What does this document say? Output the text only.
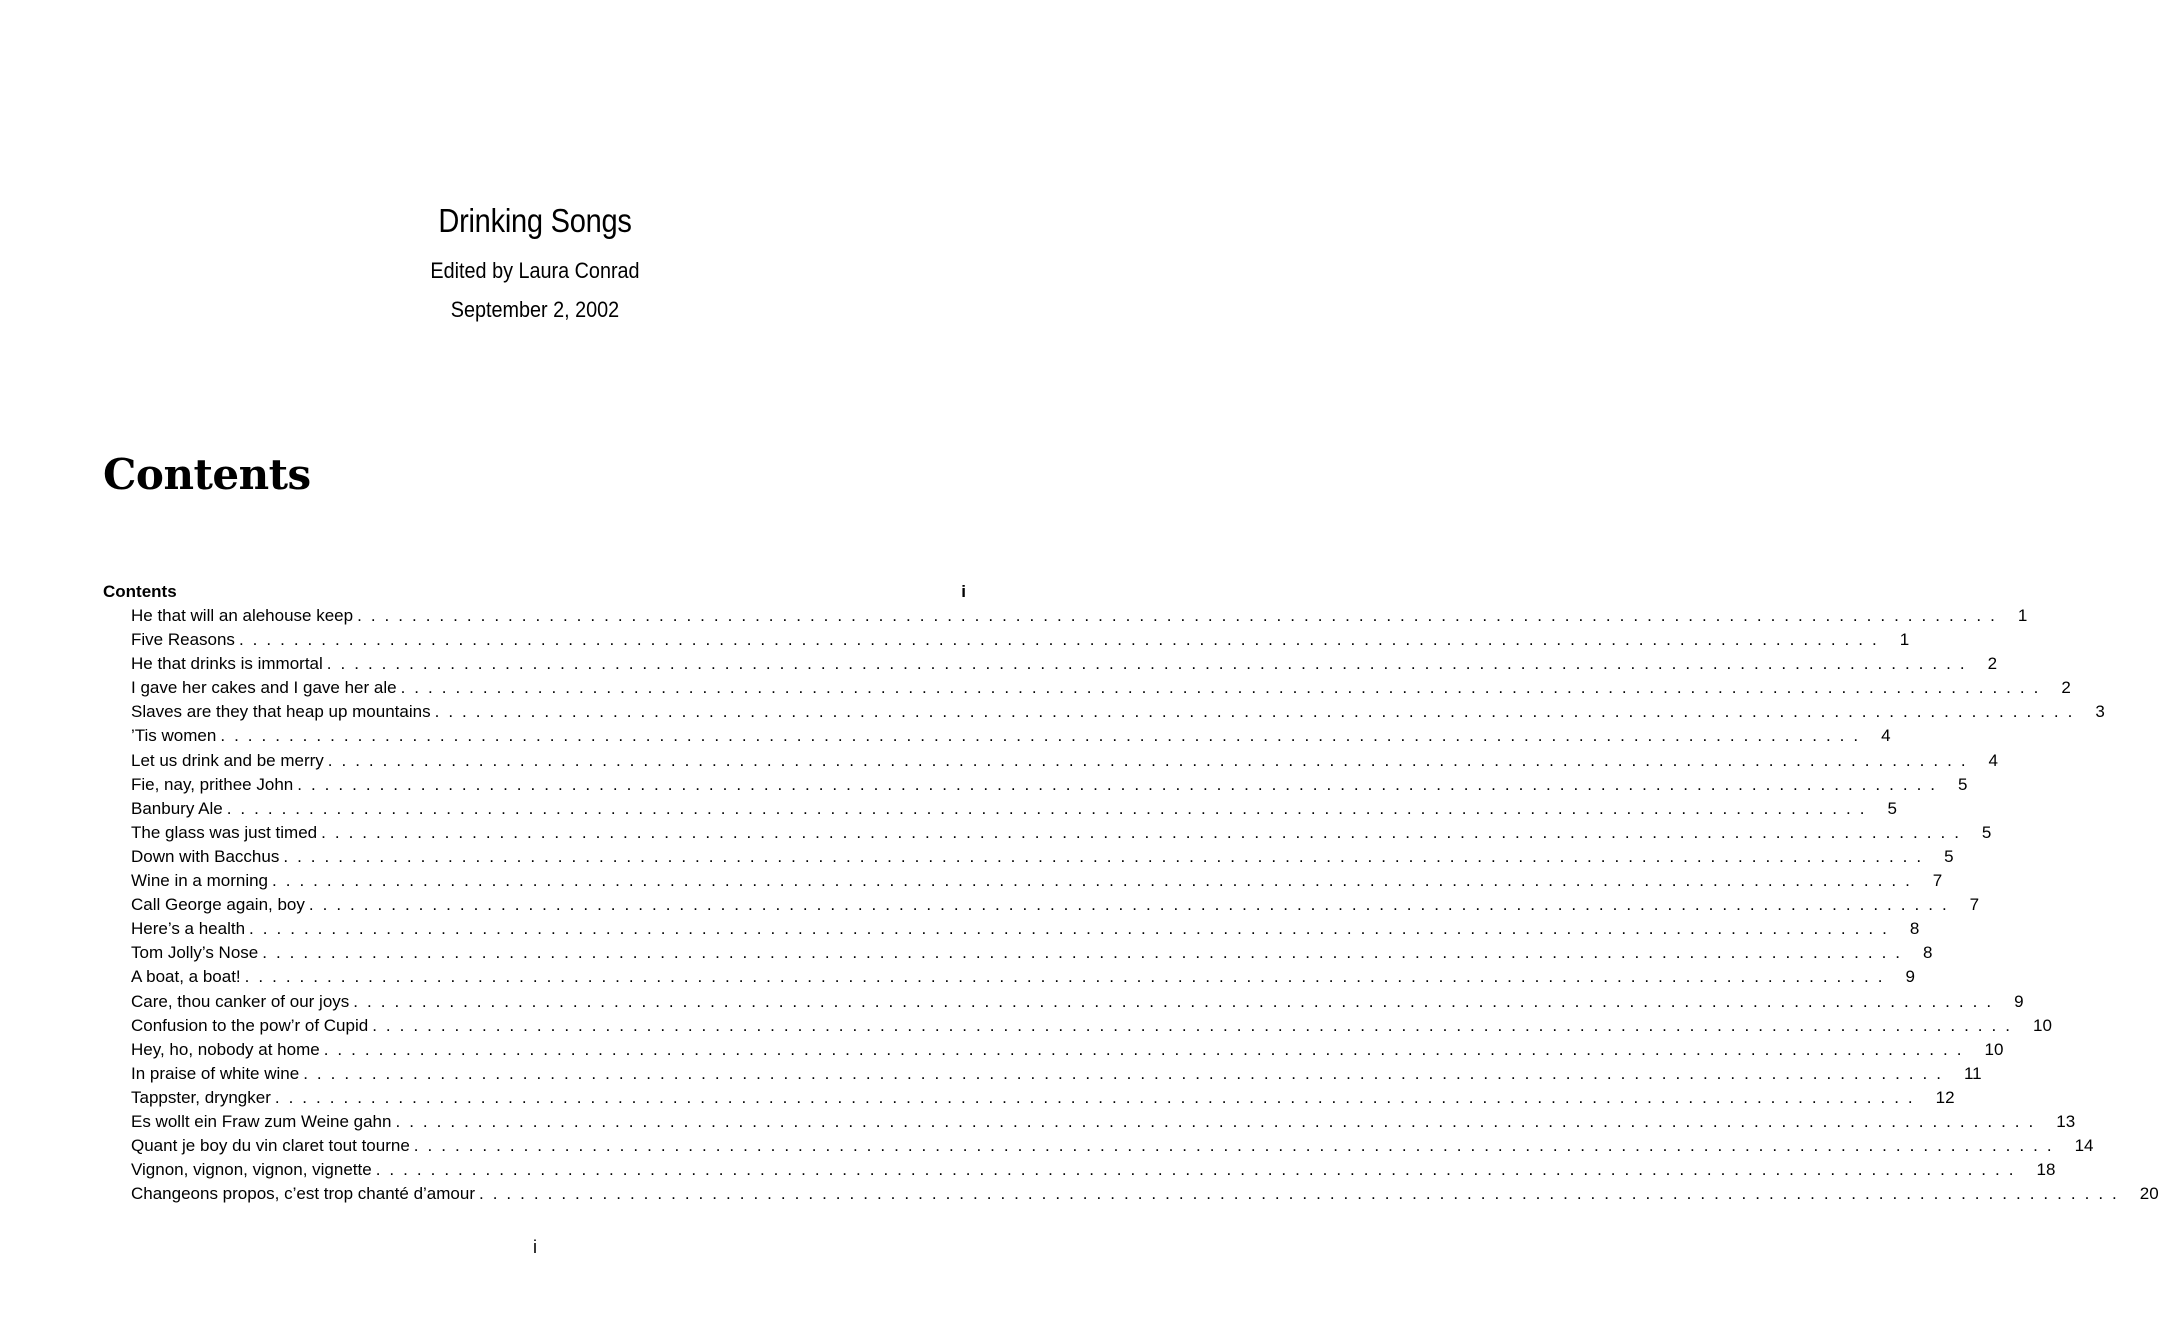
Drinking Songs
Edited by Laura Conrad
September 2, 2002
Contents
Contents	i
He that will an alehouse keep ........................................................................................................................ 1
Five Reasons ........................................................................................................................ 1
He that drinks is immortal ........................................................................................................................ 2
I gave her cakes and I gave her ale ........................................................................................................................ 2
Slaves are they that heap up mountains ........................................................................................................................ 3
’Tis women ........................................................................................................................ 4
Let us drink and be merry ........................................................................................................................ 4
Fie, nay, prithee John ........................................................................................................................ 5
Banbury Ale ........................................................................................................................ 5
The glass was just timed ........................................................................................................................ 5
Down with Bacchus ........................................................................................................................ 5
Wine in a morning ........................................................................................................................ 7
Call George again, boy ........................................................................................................................ 7
Here’s a health ........................................................................................................................ 8
Tom Jolly’s Nose ........................................................................................................................ 8
A boat, a boat! ........................................................................................................................ 9
Care, thou canker of our joys ........................................................................................................................ 9
Confusion to the pow’r of Cupid ........................................................................................................................ 10
Hey, ho, nobody at home ........................................................................................................................ 10
In praise of white wine ........................................................................................................................ 11
Tappster, dryngker ........................................................................................................................ 12
Es wollt ein Fraw zum Weine gahn ........................................................................................................................ 13
Quant je boy du vin claret tout tourne ........................................................................................................................ 14
Vignon, vignon, vignon, vignette ........................................................................................................................ 18
Changeons propos, c’est trop chanté d’amour ........................................................................................................................ 20
i
